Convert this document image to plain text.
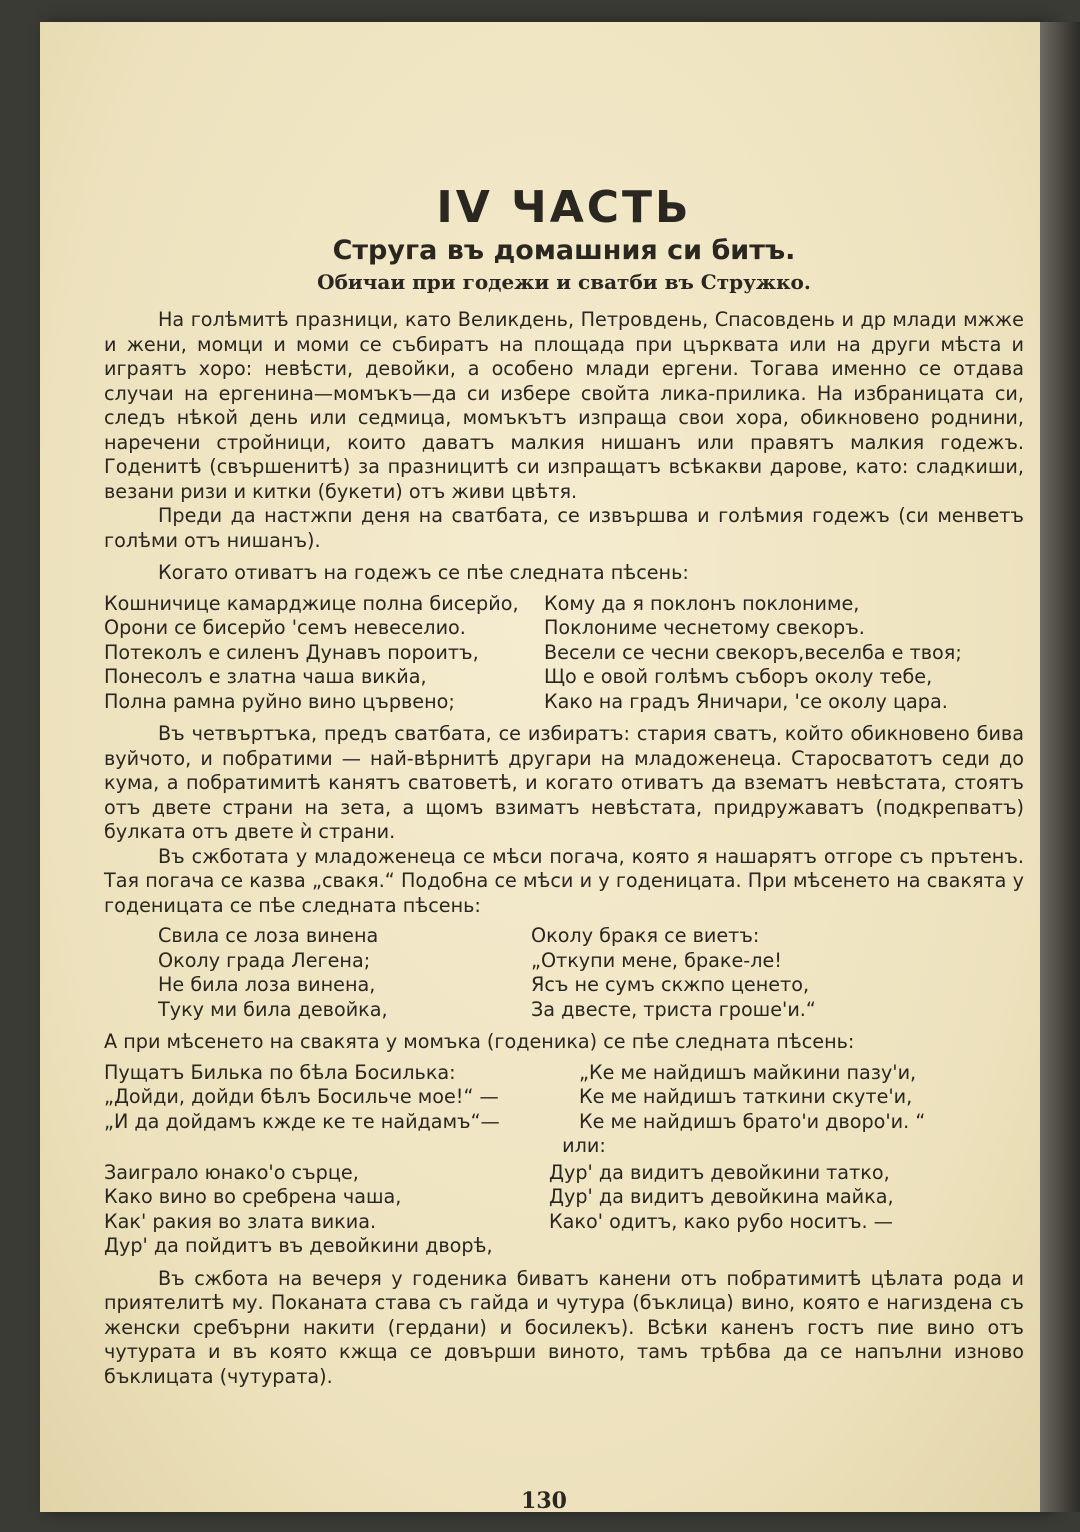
IV ЧАСТЬ
Струга въ домашния си битъ.
Обичаи при годежи и сватби въ Стружко.

На голѣмитѣ празници, като Великдень, Петровдень, Спасовдень и др млади мжже и жени, момци и моми се събиратъ на площада при църквата или на други мѣста и играятъ хоро: невѣсти, девойки, а особено млади ергени. Тогава именно се отдава случаи на ергенина—момъкъ—да си избере свойта лика-прилика. На избраницата си, следъ нѣкой день или седмица, момъкътъ изпраща свои хора, обикновено роднини, наречени стройници, които даватъ малкия нишанъ или правятъ малкия годежъ. Годенитѣ (свършенитѣ) за празницитѣ си изпращатъ всѣкакви дарове, като: сладкиши, везани ризи и китки (букети) отъ живи цвѣтя.

Преди да настжпи деня на сватбата, се извършва и голѣмия годежъ (си менветъ голѣми отъ нишанъ).

Когато отиватъ на годежъ се пѣе следната пѣсень:

Кошничице камарджице полна бисерйо,	Кому да я поклонъ поклониме,
Орони се бисерйо 'семъ невеселио.	Поклониме чеснетому свекоръ.
Потеколъ е силенъ Дунавъ пороитъ,	Весели се чесни свекоръ,веселба е твоя;
Понесолъ е златна чаша викйа,	Що е овой голѣмъ съборъ околу тебе,
Полна рамна руйно вино цървено;	Како на градъ Яничари, 'се околу цара.

Въ четвъртъка, предъ сватбата, се избиратъ: стария сватъ, който обикновено бива вуйчото, и побратими — най-вѣрнитѣ другари на младоженеца. Старосватотъ седи до кума, а побратимитѣ канятъ сватоветѣ, и когато отиватъ да взематъ невѣстата, стоятъ отъ двете страни на зета, а щомъ взиматъ невѣстата, придружаватъ (подкрепватъ) булката отъ двете ѝ страни.

Въ сжботата у младоженеца се мѣси погача, която я нашарятъ отгоре съ прътенъ. Тая погача се казва „свакя.“ Подобна се мѣси и у годеницата. При мѣсенето на свакята у годеницата се пѣе следната пѣсень:

Свила се лоза винена	Околу бракя се виетъ:
Околу града Легена;	„Откупи мене, браке-ле!
Не била лоза винена,	Ясъ не сумъ скжпо ценето,
Туку ми била девойка,	За двесте, триста гроше'и.“

А при мѣсенето на свакята у момъка (годеника) се пѣе следната пѣсень:

Пущатъ Билька по бѣла Босилька:	„Ке ме найдишъ майкини пазу'и,
„Дойди, дойди бѣлъ Босильче мое!“ —	Ке ме найдишъ таткини скуте'и,
„И да дойдамъ кжде ке те найдамъ“—	Ке ме найдишъ брато'и дворо'и. “
или:
Заиграло юнако'о сърце,	Дур' да видитъ девойкини татко,
Како вино во сребрена чаша,	Дур' да видитъ девойкина майка,
Как' ракия во злата викиа.	Како' одитъ, како рубо носитъ. —
Дур' да пойдитъ въ девойкини дворѣ,

Въ сжбота на вечеря у годеника биватъ канени отъ побратимитѣ цѣлата рода и приятелитѣ му. Поканата става съ гайда и чутура (бъклица) вино, която е нагиздена съ женски сребърни накити (гердани) и босилекъ). Всѣки каненъ гостъ пие вино отъ чутурата и въ която кжща се довърши виното, тамъ трѣбва да се напълни изново бъклицата (чутурата).

130
